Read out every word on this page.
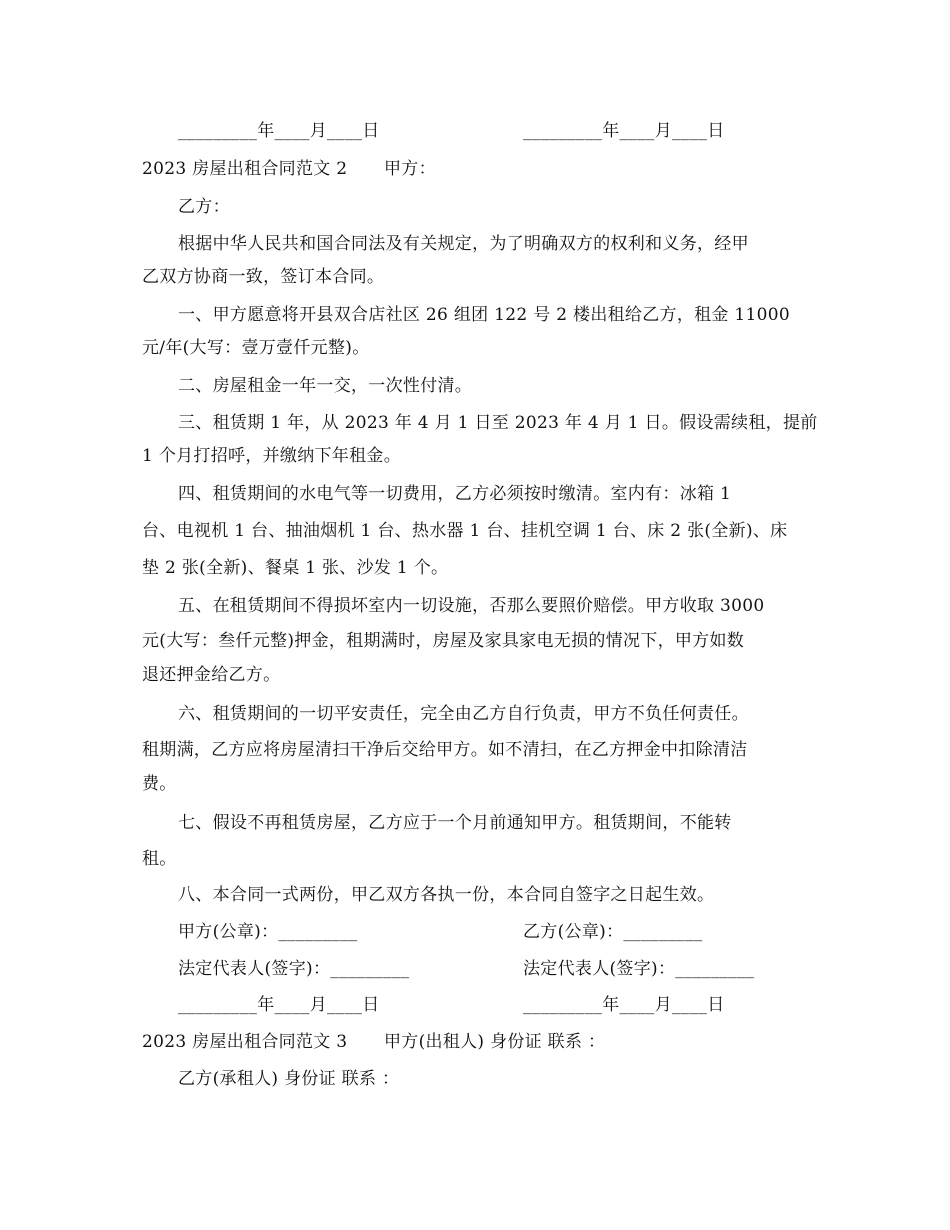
_________年____月____日	_________年____月____日
2023 房屋出租合同范文 2 甲方：
乙方：
根据中华人民共和国合同法及有关规定，为了明确双方的权利和义务，经甲
乙双方协商一致，签订本合同。
一、甲方愿意将开县双合店社区 26 组团 122 号 2 楼出租给乙方，租金 11000
元/年(大写：壹万壹仟元整)。
二、房屋租金一年一交，一次性付清。
三、租赁期 1 年，从 2023 年 4 月 1 日至 2023 年 4 月 1 日。假设需续租，提前
1 个月打招呼，并缴纳下年租金。
四、租赁期间的水电气等一切费用，乙方必须按时缴清。室内有：冰箱 1
台、电视机 1 台、抽油烟机 1 台、热水器 1 台、挂机空调 1 台、床 2 张(全新)、床
垫 2 张(全新)、餐桌 1 张、沙发 1 个。
五、在租赁期间不得损坏室内一切设施，否那么要照价赔偿。甲方收取 3000
元(大写：叁仟元整)押金，租期满时，房屋及家具家电无损的情况下，甲方如数
退还押金给乙方。
六、租赁期间的一切平安责任，完全由乙方自行负责，甲方不负任何责任。
租期满，乙方应将房屋清扫干净后交给甲方。如不清扫，在乙方押金中扣除清洁
费。
七、假设不再租赁房屋，乙方应于一个月前通知甲方。租赁期间，不能转
租。
八、本合同一式两份，甲乙双方各执一份，本合同自签字之日起生效。
甲方(公章)：_________	乙方(公章)：_________
法定代表人(签字)：_________	法定代表人(签字)：_________
_________年____月____日	_________年____月____日
2023 房屋出租合同范文 3 甲方(出租人) 身份证 联系 ：
乙方(承租人) 身份证 联系 ：
